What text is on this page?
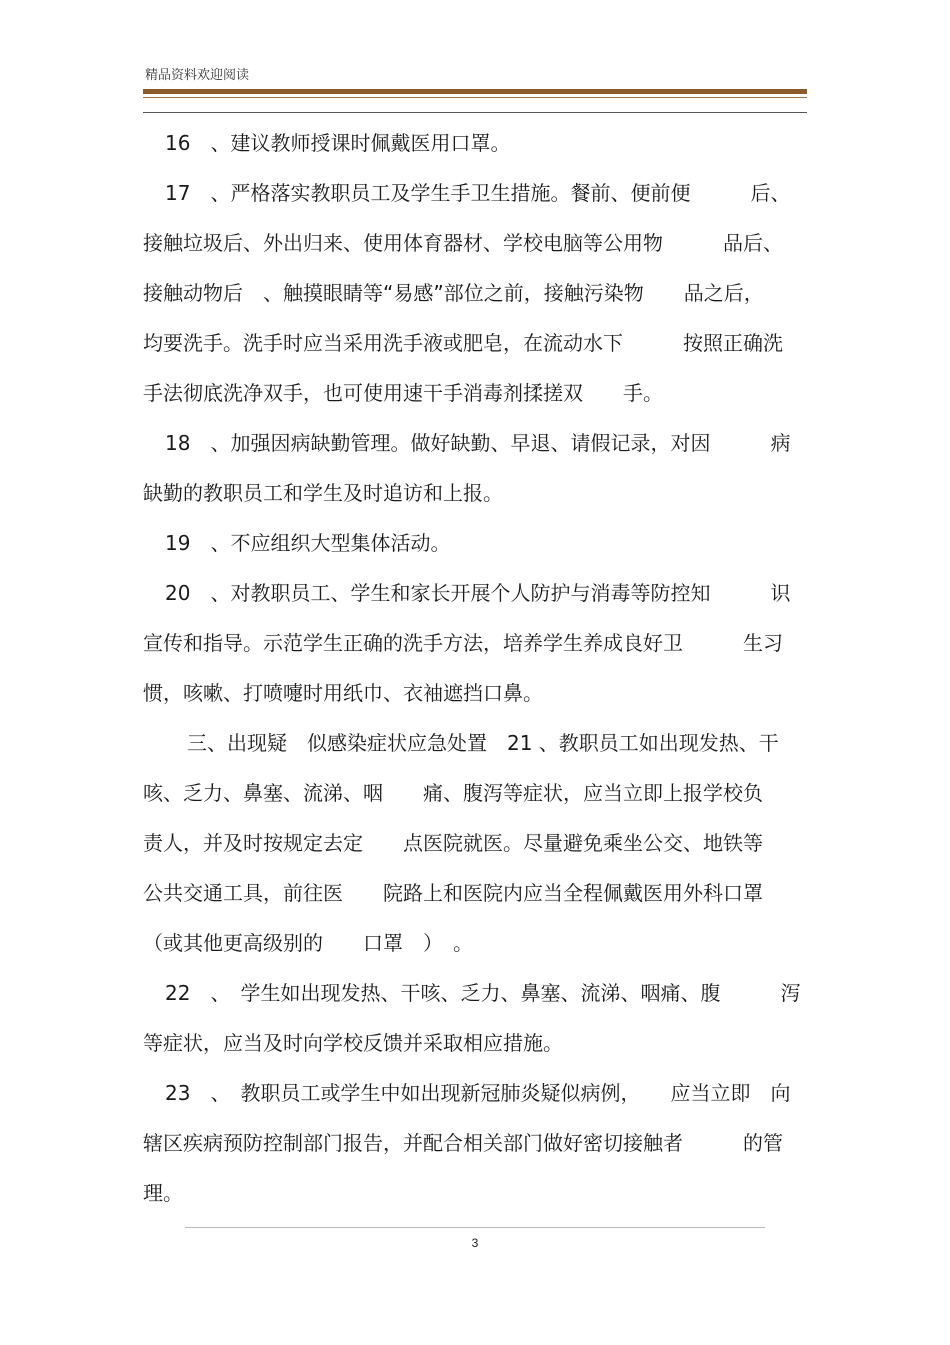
精品资料欢迎阅读
16　、建议教师授课时佩戴医用口罩。
17　、严格落实教职员工及学生手卫生措施。餐前、便前便　　　后、
接触垃圾后、外出归来、使用体育器材、学校电脑等公用物　　　品后、
接触动物后　、触摸眼睛等“易感”部位之前，接触污染物　　品之后，
均要洗手。洗手时应当采用洗手液或肥皂，在流动水下　　　按照正确洗
手法彻底洗净双手，也可使用速干手消毒剂揉搓双　　手。
18　、加强因病缺勤管理。做好缺勤、早退、请假记录，对因　　　病
缺勤的教职员工和学生及时追访和上报。
19　、不应组织大型集体活动。
20　、对教职员工、学生和家长开展个人防护与消毒等防控知　　　识
宣传和指导。示范学生正确的洗手方法，培养学生养成良好卫　　　生习
惯，咳嗽、打喷嚏时用纸巾、衣袖遮挡口鼻。
三、出现疑　似感染症状应急处置　21 、教职员工如出现发热、干
咳、乏力、鼻塞、流涕、咽　　痛、腹泻等症状，应当立即上报学校负
责人，并及时按规定去定　　点医院就医。尽量避免乘坐公交、地铁等
公共交通工具，前往医　　院路上和医院内应当全程佩戴医用外科口罩
（或其他更高级别的　　口罩　）　。
22　、　学生如出现发热、干咳、乏力、鼻塞、流涕、咽痛、腹　　　泻
等症状，应当及时向学校反馈并采取相应措施。
23　、　教职员工或学生中如出现新冠肺炎疑似病例，　　应当立即　向
辖区疾病预防控制部门报告，并配合相关部门做好密切接触者　　　的管
理。
3
